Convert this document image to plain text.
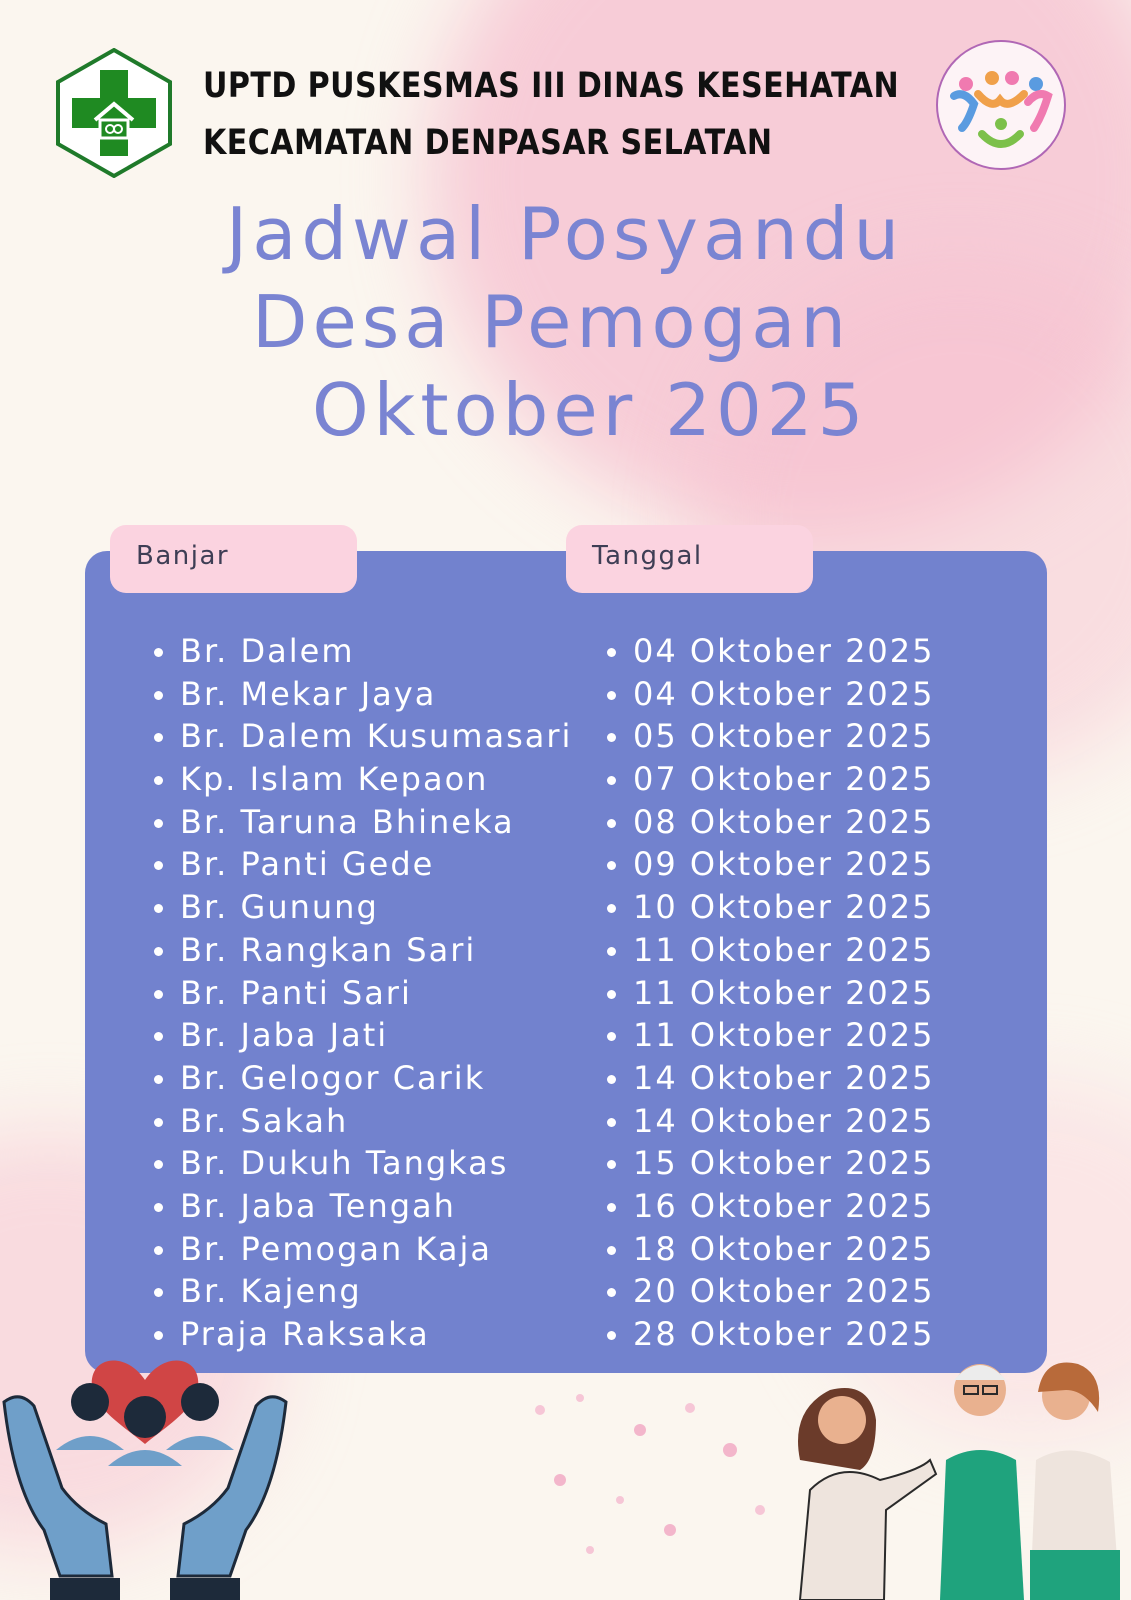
UPTD PUSKESMAS III DINAS KESEHATAN
KECAMATAN DENPASAR SELATAN
Jadwal Posyandu
Desa Pemogan
Oktober 2025
Banjar	Tanggal
Br. Dalem
Br. Mekar Jaya
Br. Dalem Kusumasari
Kp. Islam Kepaon
Br. Taruna Bhineka
Br. Panti Gede
Br. Gunung
Br. Rangkan Sari
Br. Panti Sari
Br. Jaba Jati
Br. Gelogor Carik
Br. Sakah
Br. Dukuh Tangkas
Br. Jaba Tengah
Br. Pemogan Kaja
Br. Kajeng
Praja Raksaka
04 Oktober 2025
04 Oktober 2025
05 Oktober 2025
07 Oktober 2025
08 Oktober 2025
09 Oktober 2025
10 Oktober 2025
11 Oktober 2025
11 Oktober 2025
11 Oktober 2025
14 Oktober 2025
14 Oktober 2025
15 Oktober 2025
16 Oktober 2025
18 Oktober 2025
20 Oktober 2025
28 Oktober 2025
